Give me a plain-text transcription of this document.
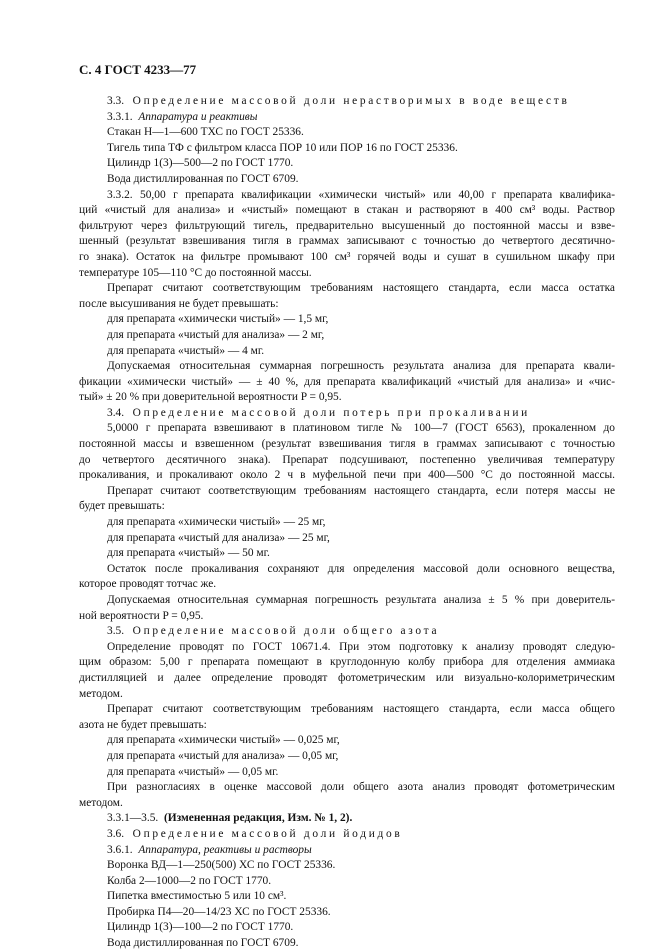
С. 4 ГОСТ 4233—77

3.3.   Определение массовой доли нерастворимых в воде веществ

3.3.1.  Аппаратура и реактивы

Стакан Н—1—600 ТХС по ГОСТ 25336.

Тигель типа ТФ с фильтром класса ПОР 10 или ПОР 16 по ГОСТ 25336.

Цилиндр 1(3)—500—2 по ГОСТ 1770.

Вода дистиллированная по ГОСТ 6709.

3.3.2. 50,00 г препарата квалификации «химически чистый» или 40,00 г препарата квалифика-

ций «чистый для анализа» и «чистый» помещают в стакан и растворяют в 400 см³ воды. Раствор

фильтруют через фильтрующий тигель, предварительно высушенный до постоянной массы и взве-

шенный (результат взвешивания тигля в граммах записывают с точностью до четвертого десятично-

го знака). Остаток на фильтре промывают 100 см³ горячей воды и сушат в сушильном шкафу при

температуре 105—110 °С до постоянной массы.

Препарат считают соответствующим требованиям настоящего стандарта, если масса остатка

после высушивания не будет превышать:

для препарата «химически чистый» — 1,5 мг,

для препарата «чистый для анализа» — 2 мг,

для препарата «чистый» — 4 мг.

Допускаемая относительная суммарная погрешность результата анализа для препарата квали-

фикации «химически чистый» — ± 40 %, для препарата квалификаций «чистый для анализа» и «чис-

тый» ± 20 % при доверительной вероятности P = 0,95.

3.4.   Определение массовой доли потерь при прокаливании

5,0000 г препарата взвешивают в платиновом тигле № 100—7 (ГОСТ 6563), прокаленном до

постоянной массы и взвешенном (результат взвешивания тигля в граммах записывают с точностью

до четвертого десятичного знака). Препарат подсушивают, постепенно увеличивая температуру

прокаливания, и прокаливают около 2 ч в муфельной печи при 400—500 °С до постоянной массы.

Препарат считают соответствующим требованиям настоящего стандарта, если потеря массы не

будет превышать:

для препарата «химически чистый» — 25 мг,

для препарата «чистый для анализа» — 25 мг,

для препарата «чистый» — 50 мг.

Остаток после прокаливания сохраняют для определения массовой доли основного вещества,

которое проводят тотчас же.

Допускаемая относительная суммарная погрешность результата анализа ± 5 % при доверитель-

ной вероятности P = 0,95.

3.5.   Определение массовой доли общего азота

Определение проводят по ГОСТ 10671.4. При этом подготовку к анализу проводят следую-

щим образом: 5,00 г препарата помещают в круглодонную колбу прибора для отделения аммиака

дистилляцией и далее определение проводят фотометрическим или визуально-колориметрическим

методом.

Препарат считают соответствующим требованиям настоящего стандарта, если масса общего

азота не будет превышать:

для препарата «химически чистый» — 0,025 мг,

для препарата «чистый для анализа» — 0,05 мг,

для препарата «чистый» — 0,05 мг.

При разногласиях в оценке массовой доли общего азота анализ проводят фотометрическим

методом.

3.3.1—3.5.  (Измененная редакция, Изм. № 1, 2).

3.6.   Определение массовой доли йодидов

3.6.1.  Аппаратура, реактивы и растворы

Воронка ВД—1—250(500) ХС по ГОСТ 25336.

Колба 2—1000—2 по ГОСТ 1770.

Пипетка вместимостью 5 или 10 см³.

Пробирка П4—20—14/23 ХС по ГОСТ 25336.

Цилиндр 1(3)—100—2 по ГОСТ 1770.

Вода дистиллированная по ГОСТ 6709.
